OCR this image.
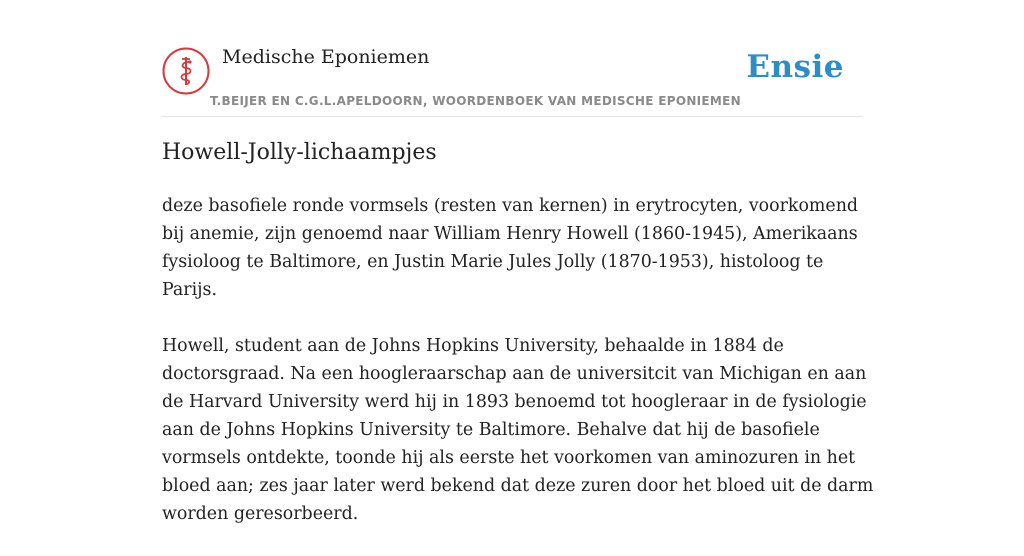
Medische Eponiemen
T.BEIJER EN C.G.L.APELDOORN, WOORDENBOEK VAN MEDISCHE EPONIEMEN
Ensie
Howell-Jolly-lichaampjes

deze basofiele ronde vormsels (resten van kernen) in erytrocyten, voorkomend bij anemie, zijn genoemd naar William Henry Howell (1860-1945), Amerikaans fysioloog te Baltimore, en Justin Marie Jules Jolly (1870-1953), histoloog te Parijs.

Howell, student aan de Johns Hopkins University, behaalde in 1884 de doctorsgraad. Na een hoogleraarschap aan de universitcit van Michigan en aan de Harvard University werd hij in 1893 benoemd tot hoogleraar in de fysiologie aan de Johns Hopkins University te Baltimore. Behalve dat hij de basofiele vormsels ontdekte, toonde hij als eerste het voorkomen van aminozuren in het bloed aan; zes jaar later werd bekend dat deze zuren door het bloed uit de darm worden geresorbeerd.
